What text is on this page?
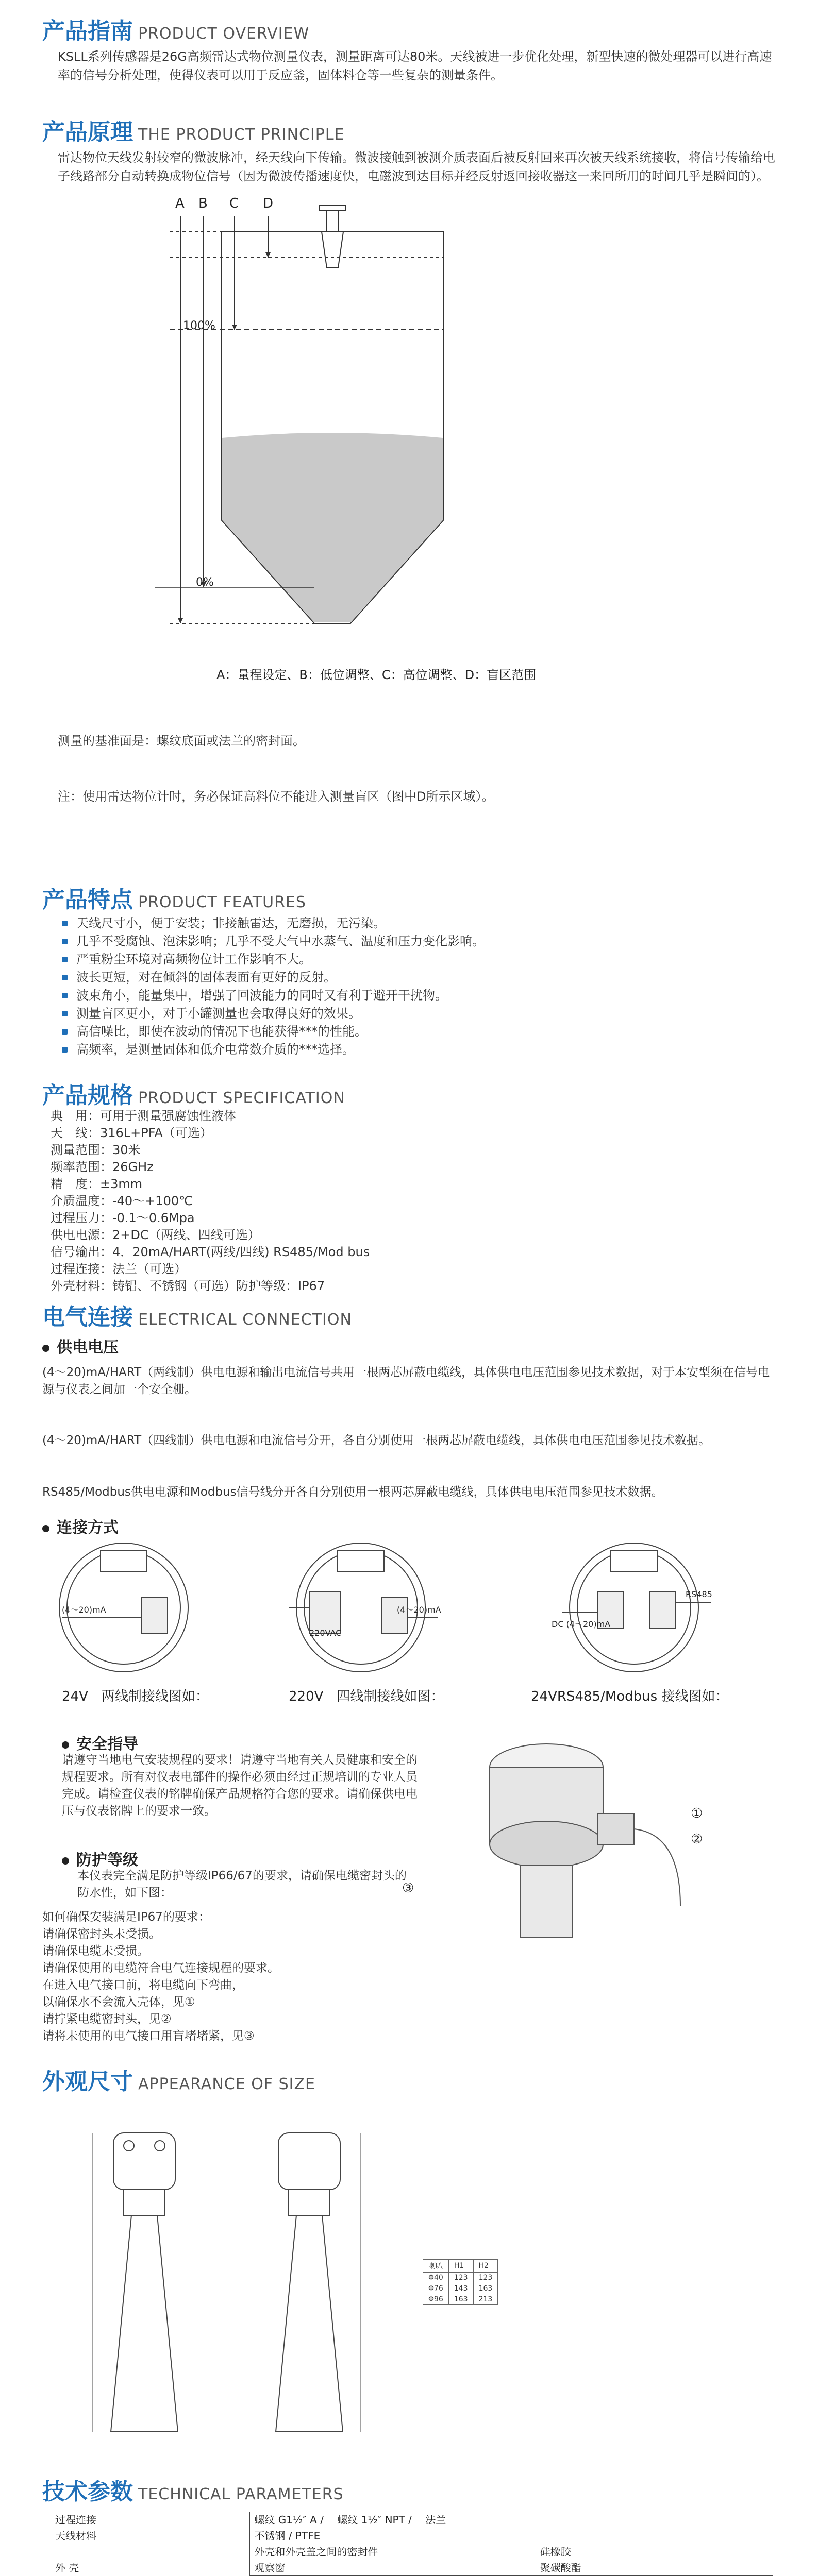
产品指南 PRODUCT OVERVIEW
KSLL系列传感器是26G高频雷达式物位测量仪表，测量距离可达80米。天线被进一步优化处理，新型快速的微处理器可以进行高速率的信号分析处理，使得仪表可以用于反应釜，固体料仓等一些复杂的测量条件。
产品原理 THE PRODUCT PRINCIPLE
雷达物位天线发射较窄的微波脉冲，经天线向下传输。微波接触到被测介质表面后被反射回来再次被天线系统接收，将信号传输给电子线路部分自动转换成物位信号（因为微波传播速度快，电磁波到达目标并经反射返回接收器这一来回所用的时间几乎是瞬间的）。
A B C D
100%
0%
A：量程设定、B：低位调整、C：高位调整、D：盲区范围
测量的基准面是：螺纹底面或法兰的密封面。
注：使用雷达物位计时，务必保证高料位不能进入测量盲区（图中D所示区域）。
产品特点 PRODUCT FEATURES
天线尺寸小，便于安装；非接触雷达，无磨损，无污染。
几乎不受腐蚀、泡沫影响；几乎不受大气中水蒸气、温度和压力变化影响。
严重粉尘环境对高频物位计工作影响不大。
波长更短，对在倾斜的固体表面有更好的反射。
波束角小，能量集中，增强了回波能力的同时又有利于避开干扰物。
测量盲区更小，对于小罐测量也会取得良好的效果。
高信噪比，即使在波动的情况下也能获得***的性能。
高频率，是测量固体和低介电常数介质的***选择。
产品规格 PRODUCT SPECIFICATION
典　用：可用于测量强腐蚀性液体
天　线：316L+PFA（可选）
测量范围：30米
频率范围：26GHz
精　度：±3mm
介质温度：-40～+100℃
过程压力：-0.1～0.6Mpa
供电电源：2+DC（两线、四线可选）
信号输出：4．20mA/HART(两线/四线) RS485/Mod bus
过程连接：法兰（可选）
外壳材料：铸铝、不锈钢（可选）防护等级：IP67
电气连接 ELECTRICAL CONNECTION
供电电压
(4～20)mA/HART（两线制）供电电源和输出电流信号共用一根两芯屏蔽电缆线，具体供电电压范围参见技术数据，对于本安型须在信号电源与仪表之间加一个安全栅。
(4～20)mA/HART（四线制）供电电源和电流信号分开，各自分别使用一根两芯屏蔽电缆线，具体供电电压范围参见技术数据。
RS485/Modbus供电电源和Modbus信号线分开各自分别使用一根两芯屏蔽电缆线，具体供电电压范围参见技术数据。
连接方式
(4～20)mA
220VAC
(4～20)mA
DC (4～20)mA
RS485
24V　两线制接线图如：	220V　四线制接线如图：	24VRS485/Modbus 接线图如：
安全指导
请遵守当地电气安装规程的要求！请遵守当地有关人员健康和安全的规程要求。所有对仪表电部件的操作必须由经过正规培训的专业人员完成。请检查仪表的铭牌确保产品规格符合您的要求。请确保供电电压与仪表铭牌上的要求一致。
防护等级
本仪表完全满足防护等级IP66/67的要求，请确保电缆密封头的防水性，如下图：
如何确保安装满足IP67的要求：
请确保密封头未受损。
请确保电缆未受损。
请确保使用的电缆符合电气连接规程的要求。
在进入电气接口前，将电缆向下弯曲，
以确保水不会流入壳体，见①
请拧紧电缆密封头，见②
请将未使用的电气接口用盲堵堵紧，见③
①
②
③
外观尺寸 APPEARANCE OF SIZE
喇叭	H1	H2
Φ40	123	123
Φ76	143	163
Φ96	163	213
技术参数 TECHNICAL PARAMETERS
过程连接	螺纹 G1½″ A / 　螺纹 1½″ NPT / 　法兰		
天线材料	不锈钢 / PTFE		
外 壳	外壳和外壳盖之间的密封件		硅橡胶
	观察窗		聚碳酸酯
